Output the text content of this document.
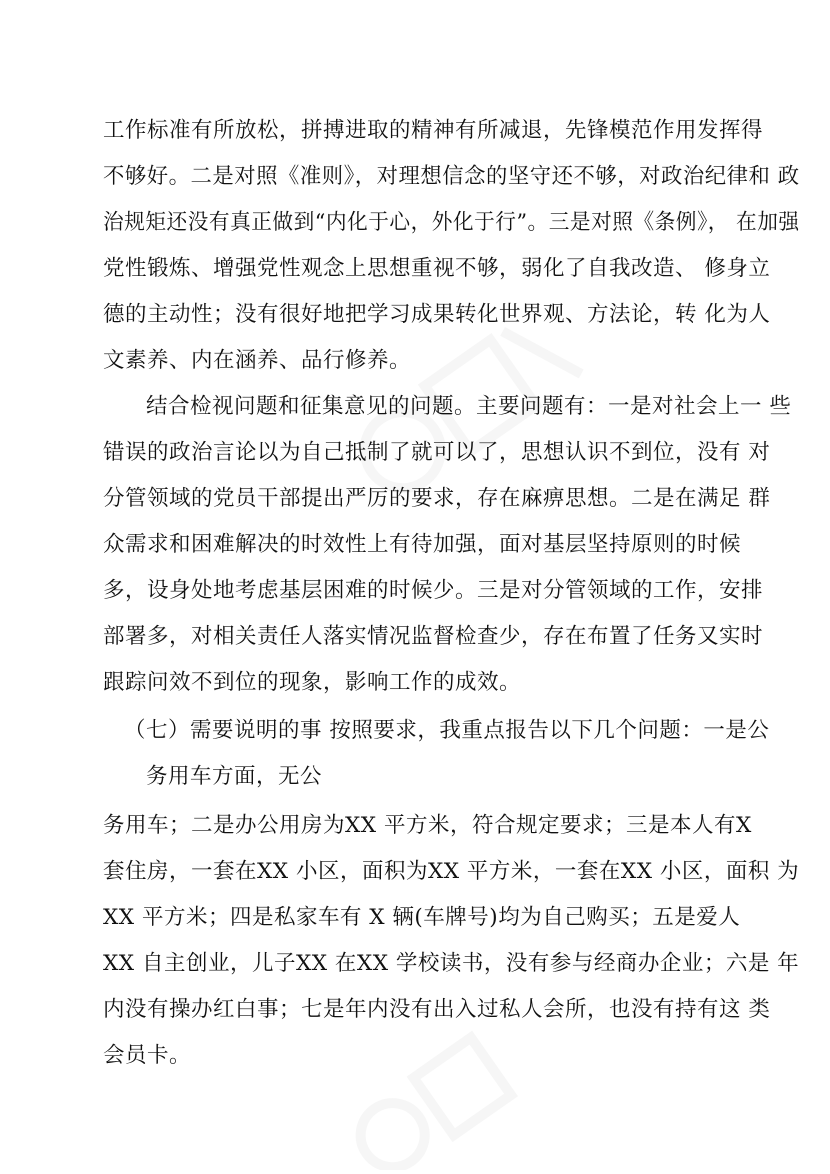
工作标准有所放松，拼搏进取的精神有所减退，先锋模范作用发挥得
不够好。二是对照《准则》，对理想信念的坚守还不够，对政治纪律和 政
治规矩还没有真正做到“内化于心，外化于行”。三是对照《条例》， 在加强
党性锻炼、增强党性观念上思想重视不够，弱化了自我改造、 修身立
德的主动性；没有很好地把学习成果转化世界观、方法论，转 化为人
文素养、内在涵养、品行修养。
结合检视问题和征集意见的问题。主要问题有：一是对社会上一 些
错误的政治言论以为自己抵制了就可以了，思想认识不到位，没有 对
分管领域的党员干部提出严厉的要求，存在麻痹思想。二是在满足 群
众需求和困难解决的时效性上有待加强，面对基层坚持原则的时候
多，设身处地考虑基层困难的时候少。三是对分管领域的工作，安排
部署多，对相关责任人落实情况监督检查少，存在布置了任务又实时
跟踪问效不到位的现象，影响工作的成效。
（七）需要说明的事 按照要求，我重点报告以下几个问题：一是公
务用车方面，无公
务用车；二是办公用房为XX 平方米，符合规定要求；三是本人有X
套住房，一套在XX 小区，面积为XX 平方米，一套在XX 小区，面积 为
XX 平方米；四是私家车有 X 辆(车牌号)均为自己购买；五是爱人
XX 自主创业，儿子XX 在XX 学校读书，没有参与经商办企业；六是 年
内没有操办红白事；七是年内没有出入过私人会所，也没有持有这 类
会员卡。
